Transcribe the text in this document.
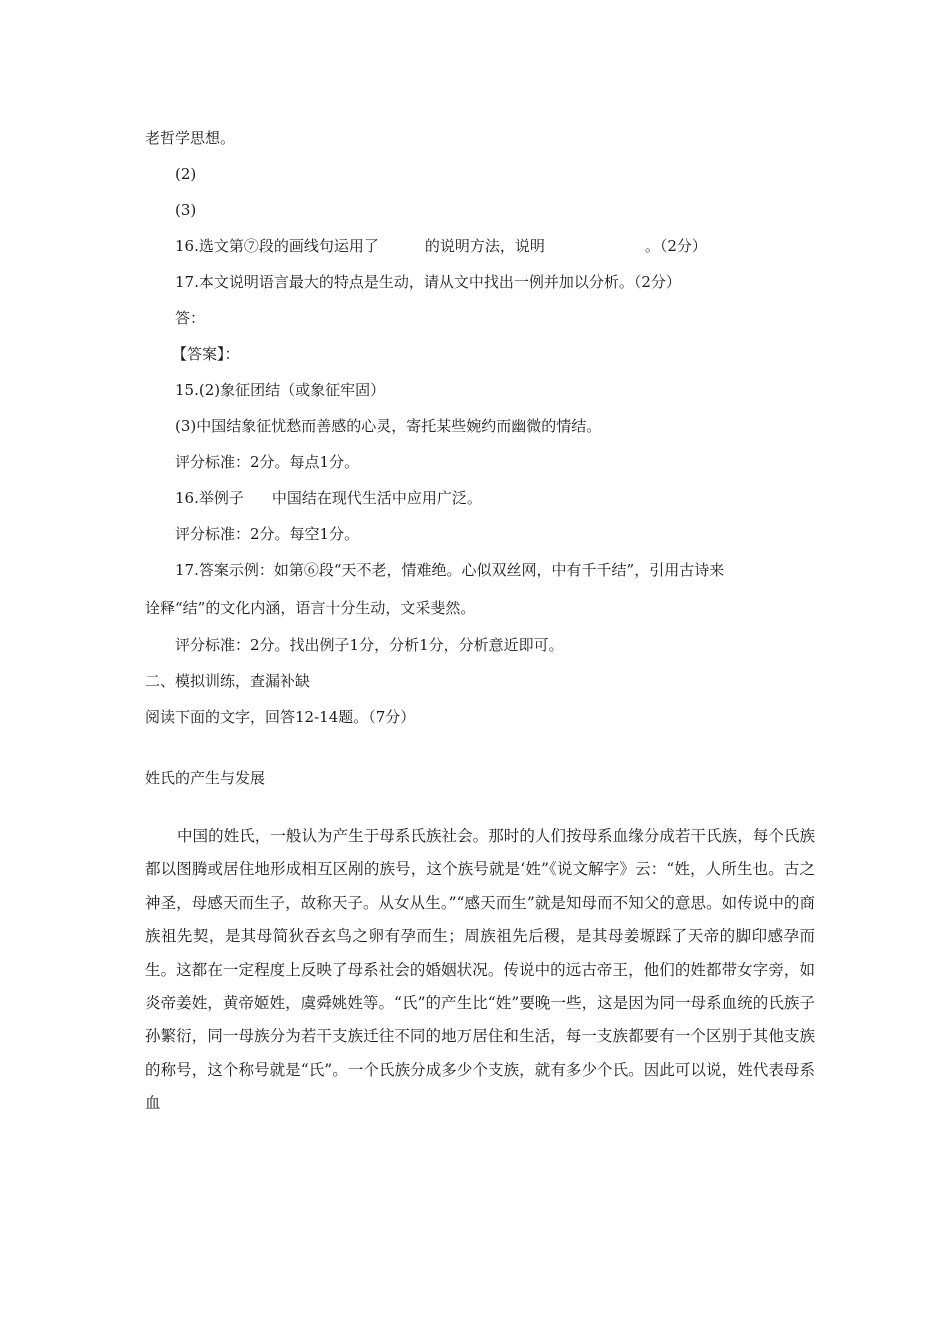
老哲学思想。
(2)
(3)
16.选文第⑦段的画线句运用了	的说明方法，说明	。（2分）
17.本文说明语言最大的特点是生动，请从文中找出一例并加以分析。（2分）
答：
【答案】：
15.(2)象征团结（或象征牢固）
(3)中国结象征忧愁而善感的心灵，寄托某些婉约而幽微的情结。
评分标准：2分。每点1分。
16.举例子 中国结在现代生活中应用广泛。
评分标准：2分。每空1分。
17.答案示例：如第⑥段“天不老，情难绝。心似双丝网，中有千千结”，引用古诗来
诠释“结”的文化内涵，语言十分生动，文采斐然。
评分标准：2分。找出例子1分，分析1分，分析意近即可。
二、模拟训练，查漏补缺
阅读下面的文字，回答12-14题。（7分）
姓氏的产生与发展

中国的姓氏，一般认为产生于母系氏族社会。那时的人们按母系血缘分成若干氏族，每个氏族都以图腾或居住地形成相互区剐的族号，这个族号就是‘姓”《说文解字》云：“姓，人所生也。古之神圣，母感天而生子，故称天子。从女从生。”“感天而生”就是知母而不知父的意思。如传说中的商族祖先契，是其母简狄吞玄鸟之卵有孕而生；周族祖先后稷，是其母姜塬踩了天帝的脚印感孕而生。这都在一定程度上反映了母系社会的婚姻状况。传说中的远古帝王，他们的姓都带女字旁，如炎帝姜姓，黄帝姬姓，虞舜姚姓等。“氏”的产生比“姓”要晚一些，这是因为同一母系血统的氏族子孙繁衍，同一母族分为若干支族迁往不同的地万居住和生活，每一支族都要有一个区别于其他支族的称号，这个称号就是“氏”。一个氏族分成多少个支族，就有多少个氏。因此可以说，姓代表母系血
